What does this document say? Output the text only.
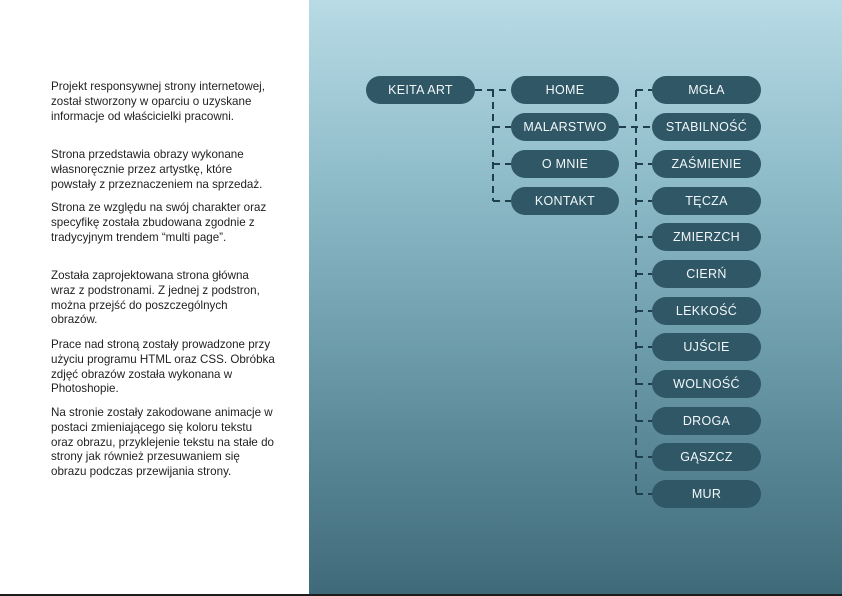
Projekt responsywnej strony internetowej, został stworzony w oparciu o uzyskane informacje od właścicielki pracowni.

Strona przedstawia obrazy wykonane własnoręcznie przez artystkę, które powstały z przeznaczeniem na sprzedaż.

Strona ze względu na swój charakter oraz specyfikę została zbudowana zgodnie z tradycyjnym trendem “multi page”.

Została zaprojektowana strona główna wraz z podstronami. Z jednej z podstron, można przejść do poszczególnych obrazów.

Prace nad stroną zostały prowadzone przy użyciu programu HTML oraz CSS. Obróbka zdjęć obrazów została wykonana w Photoshopie.

Na stronie zostały zakodowane animacje w postaci zmieniającego się koloru tekstu oraz obrazu, przyklejenie tekstu na stałe do strony jak również przesuwaniem się obrazu podczas przewijania strony.

KEITA ART	HOME
MALARSTWO
O MNIE
KONTAKT
MGŁA
STABILNOŚĆ
ZAŚMIENIE
TĘCZA
ZMIERZCH
CIERŃ
LEKKOŚĆ
UJŚCIE
WOLNOŚĆ
DROGA
GĄSZCZ
MUR
